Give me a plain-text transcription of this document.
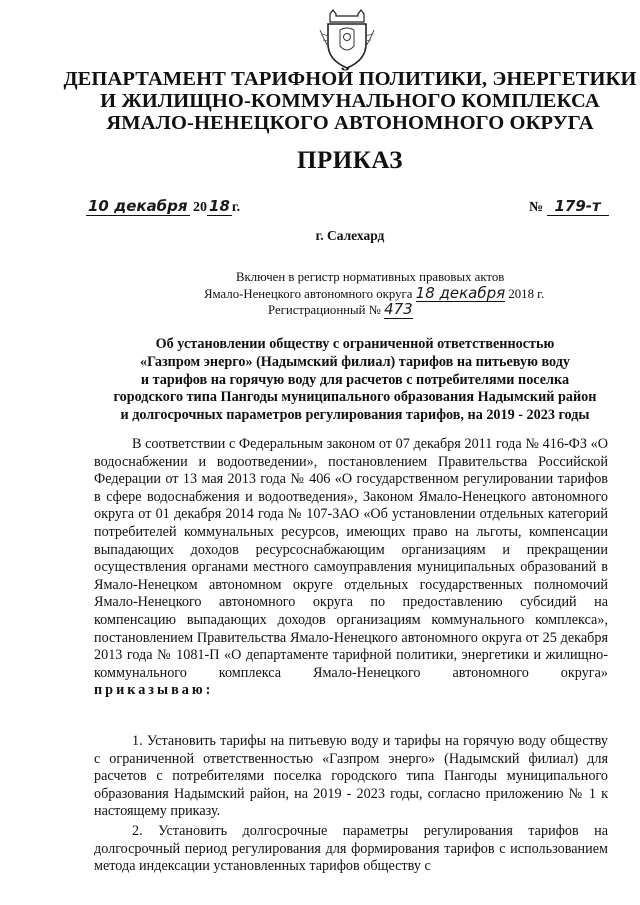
ДЕПАРТАМЕНТ ТАРИФНОЙ ПОЛИТИКИ, ЭНЕРГЕТИКИ
И ЖИЛИЩНО-КОММУНАЛЬНОГО КОМПЛЕКСА
ЯМАЛО-НЕНЕЦКОГО АВТОНОМНОГО ОКРУГА
ПРИКАЗ
10 декабря 20 18 г.	№ 179-т
г. Салехард
Включен в регистр нормативных правовых актов
Ямало-Ненецкого автономного округа 18 декабря 2018 г.
Регистрационный № 473
Об установлении обществу с ограниченной ответственностью
«Газпром энерго» (Надымский филиал) тарифов на питьевую воду
и тарифов на горячую воду для расчетов с потребителями поселка
городского типа Пангоды муниципального образования Надымский район
и долгосрочных параметров регулирования тарифов, на 2019 - 2023 годы

В соответствии с Федеральным законом от 07 декабря 2011 года № 416-ФЗ «О водоснабжении и водоотведении», постановлением Правительства Российской Федерации от 13 мая 2013 года № 406 «О государственном регулировании тарифов в сфере водоснабжения и водоотведения», Законом Ямало-Ненецкого автономного округа от 01 декабря 2014 года № 107-ЗАО «Об установлении отдельных категорий потребителей коммунальных ресурсов, имеющих право на льготы, компенсации выпадающих доходов ресурсоснабжающим организациям и прекращении осуществления органами местного самоуправления муниципальных образований в Ямало-Ненецком автономном округе отдельных государственных полномочий Ямало-Ненецкого автономного округа по предоставлению субсидий на компенсацию выпадающих доходов организациям коммунального комплекса», постановлением Правительства Ямало-Ненецкого автономного округа от 25 декабря 2013 года № 1081-П «О департаменте тарифной политики, энергетики и жилищно-коммунального комплекса Ямало-Ненецкого автономного округа» приказываю:

1. Установить тарифы на питьевую воду и тарифы на горячую воду обществу с ограниченной ответственностью «Газпром энерго» (Надымский филиал) для расчетов с потребителями поселка городского типа Пангоды муниципального образования Надымский район, на 2019 - 2023 годы, согласно приложению № 1 к настоящему приказу.

2. Установить долгосрочные параметры регулирования тарифов на долгосрочный период регулирования для формирования тарифов с использованием метода индексации установленных тарифов обществу с
